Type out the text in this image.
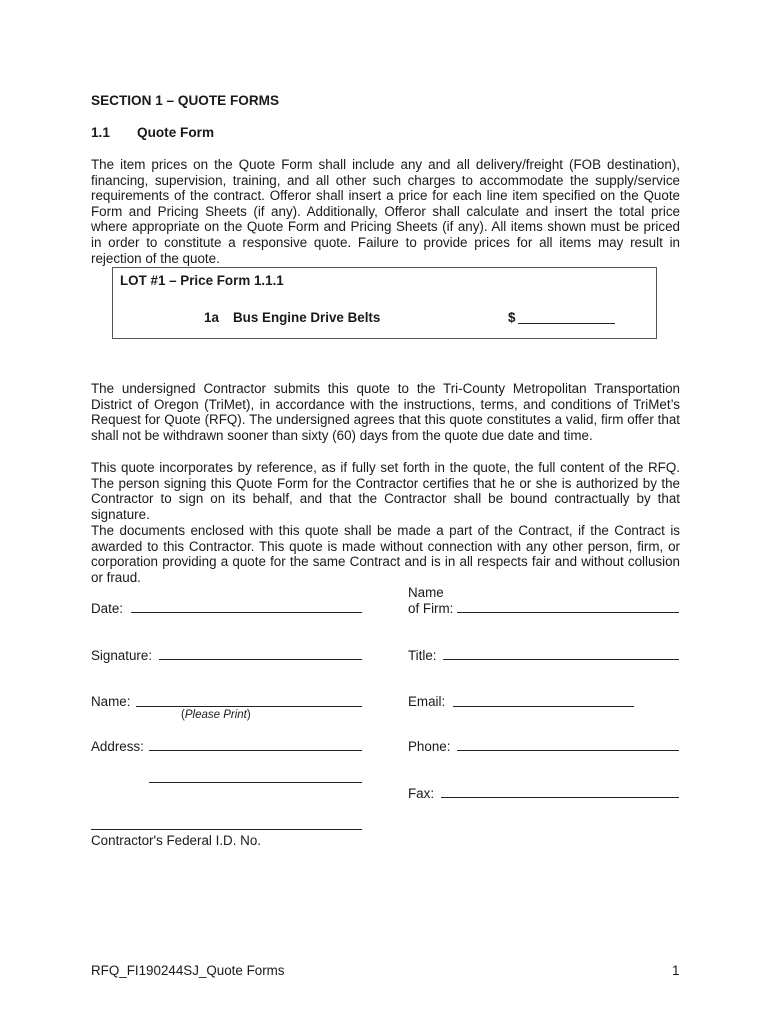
SECTION 1 – QUOTE FORMS
1.1 Quote Form
The item prices on the Quote Form shall include any and all delivery/freight (FOB destination), financing, supervision, training, and all other such charges to accommodate the supply/service requirements of the contract. Offeror shall insert a price for each line item specified on the Quote Form and Pricing Sheets (if any). Additionally, Offeror shall calculate and insert the total price where appropriate on the Quote Form and Pricing Sheets (if any). All items shown must be priced in order to constitute a responsive quote. Failure to provide prices for all items may result in rejection of the quote.
LOT #1 – Price Form 1.1.1
1a Bus Engine Drive Belts	$
The undersigned Contractor submits this quote to the Tri-County Metropolitan Transportation District of Oregon (TriMet), in accordance with the instructions, terms, and conditions of TriMet’s Request for Quote (RFQ). The undersigned agrees that this quote constitutes a valid, firm offer that shall not be withdrawn sooner than sixty (60) days from the quote due date and time.
This quote incorporates by reference, as if fully set forth in the quote, the full content of the RFQ. The person signing this Quote Form for the Contractor certifies that he or she is authorized by the Contractor to sign on its behalf, and that the Contractor shall be bound contractually by that signature.
The documents enclosed with this quote shall be made a part of the Contract, if the Contract is awarded to this Contractor. This quote is made without connection with any other person, firm, or corporation providing a quote for the same Contract and is in all respects fair and without collusion or fraud.
Date:
Signature:
Name:
(Please Print)
Address:
Contractor's Federal I.D. No.
Name
of Firm:
Title:
Email:
Phone:
Fax:
RFQ_FI190244SJ_Quote Forms	1
